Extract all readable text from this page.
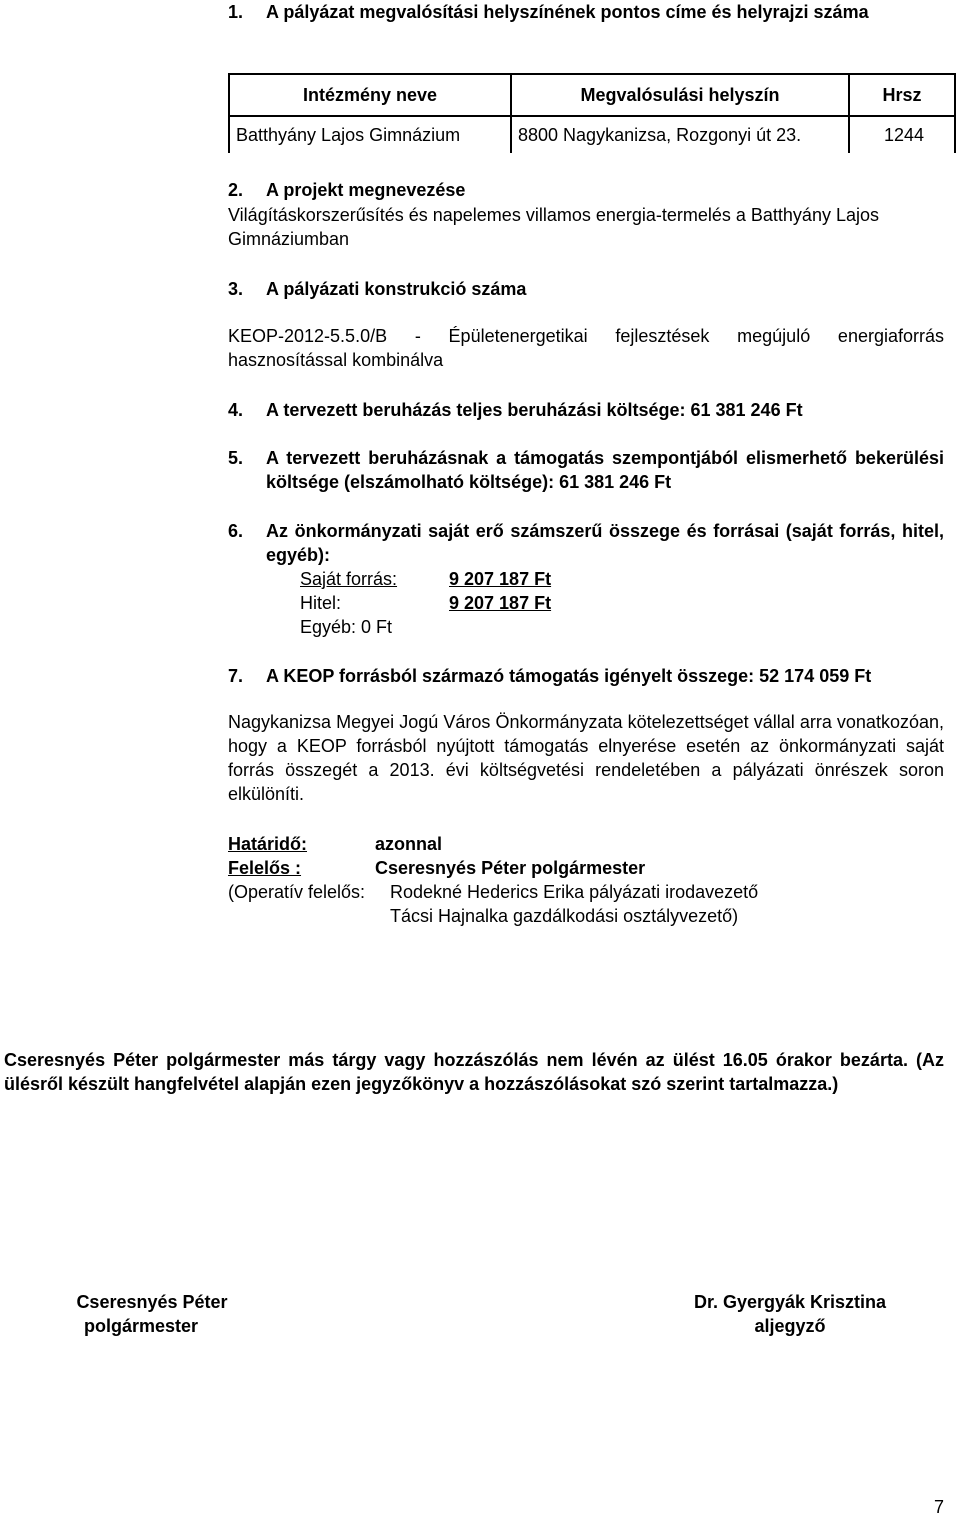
1. A pályázat megvalósítási helyszínének pontos címe és helyrajzi száma
Intézmény neve	Megvalósulási helyszín	Hrsz
Batthyány Lajos Gimnázium	8800 Nagykanizsa, Rozgonyi út 23.	1244
2. A projekt megnevezése
Világításkorszerűsítés és napelemes villamos energia-termelés a Batthyány Lajos Gimnáziumban
3. A pályázati konstrukció száma
KEOP-2012-5.5.0/B - Épületenergetikai fejlesztések megújuló energiaforrás hasznosítással kombinálva
4. A tervezett beruházás teljes beruházási költsége: 61 381 246 Ft
5. A tervezett beruházásnak a támogatás szempontjából elismerhető bekerülési költsége (elszámolható költsége): 61 381 246 Ft
6. Az önkormányzati saját erő számszerű összege és forrásai (saját forrás, hitel, egyéb):
Saját forrás:	9 207 187 Ft
Hitel:	9 207 187 Ft
Egyéb: 0 Ft
7. A KEOP forrásból származó támogatás igényelt összege: 52 174 059 Ft
Nagykanizsa Megyei Jogú Város Önkormányzata kötelezettséget vállal arra vonatkozóan, hogy a KEOP forrásból nyújtott támogatás elnyerése esetén az önkormányzati saját forrás összegét a 2013. évi költségvetési rendeletében a pályázati önrészek soron elkülöníti.
Határidő:	azonnal
Felelős :	Cseresnyés Péter polgármester
(Operatív felelős: Rodekné Hederics Erika pályázati irodavezető
Tácsi Hajnalka gazdálkodási osztályvezető)
Cseresnyés Péter polgármester más tárgy vagy hozzászólás nem lévén az ülést 16.05 órakor bezárta. (Az ülésről készült hangfelvétel alapján ezen jegyzőkönyv a hozzászólásokat szó szerint tartalmazza.)
Cseresnyés Péter
polgármester
Dr. Gyergyák Krisztina
aljegyző
7
